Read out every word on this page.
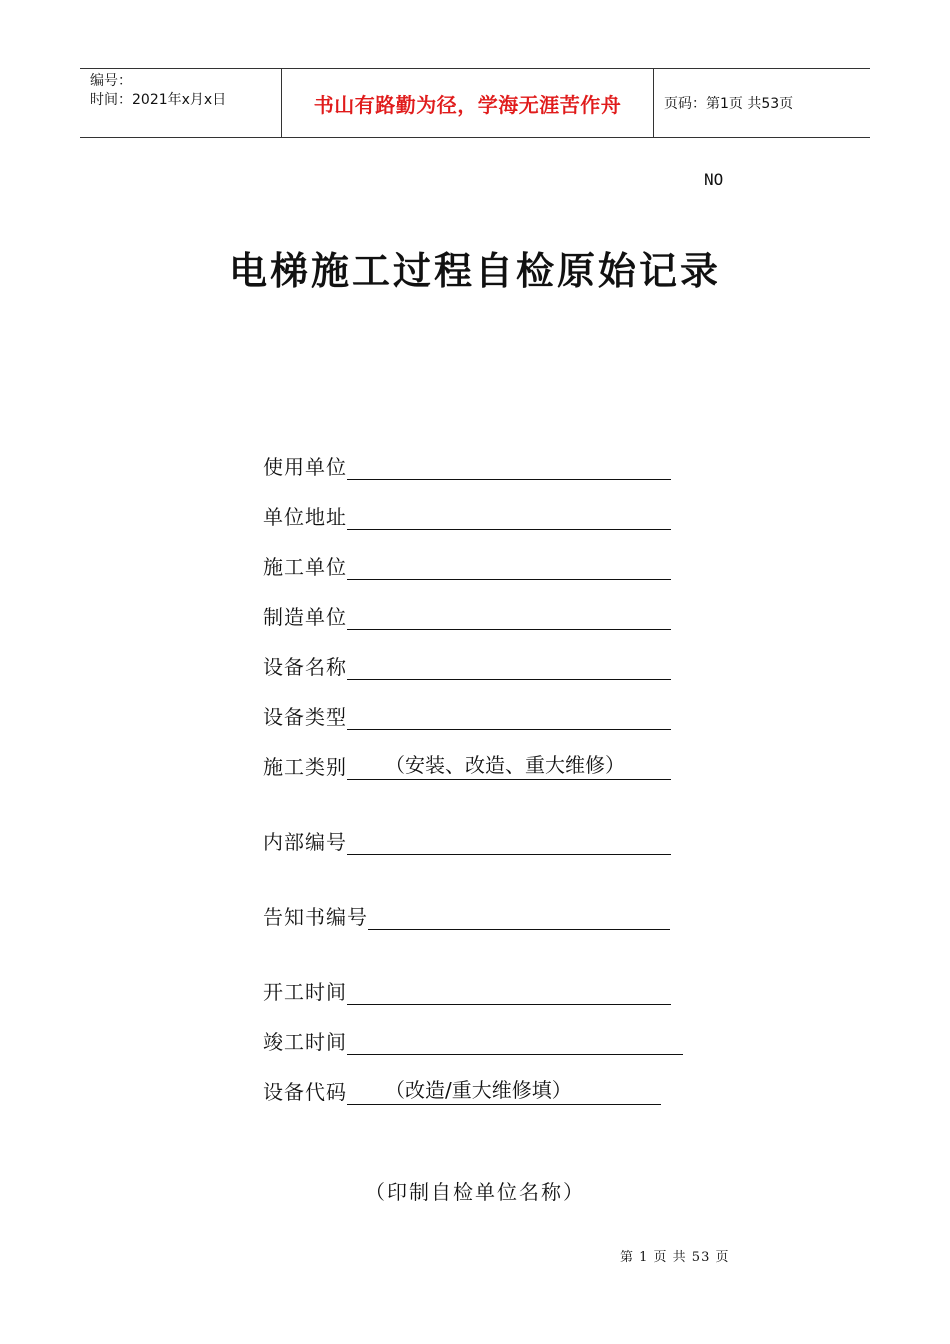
编号：
时间：2021年x月x日	书山有路勤为径，学海无涯苦作舟	页码：第1页 共53页
NO
电梯施工过程自检原始记录
使用单位
单位地址
施工单位
制造单位
设备名称
设备类型
施工类别	（安装、改造、重大维修）
内部编号
告知书编号
开工时间
竣工时间
设备代码	（改造/重大维修填）
（印制自检单位名称）
第 1 页 共 53 页
